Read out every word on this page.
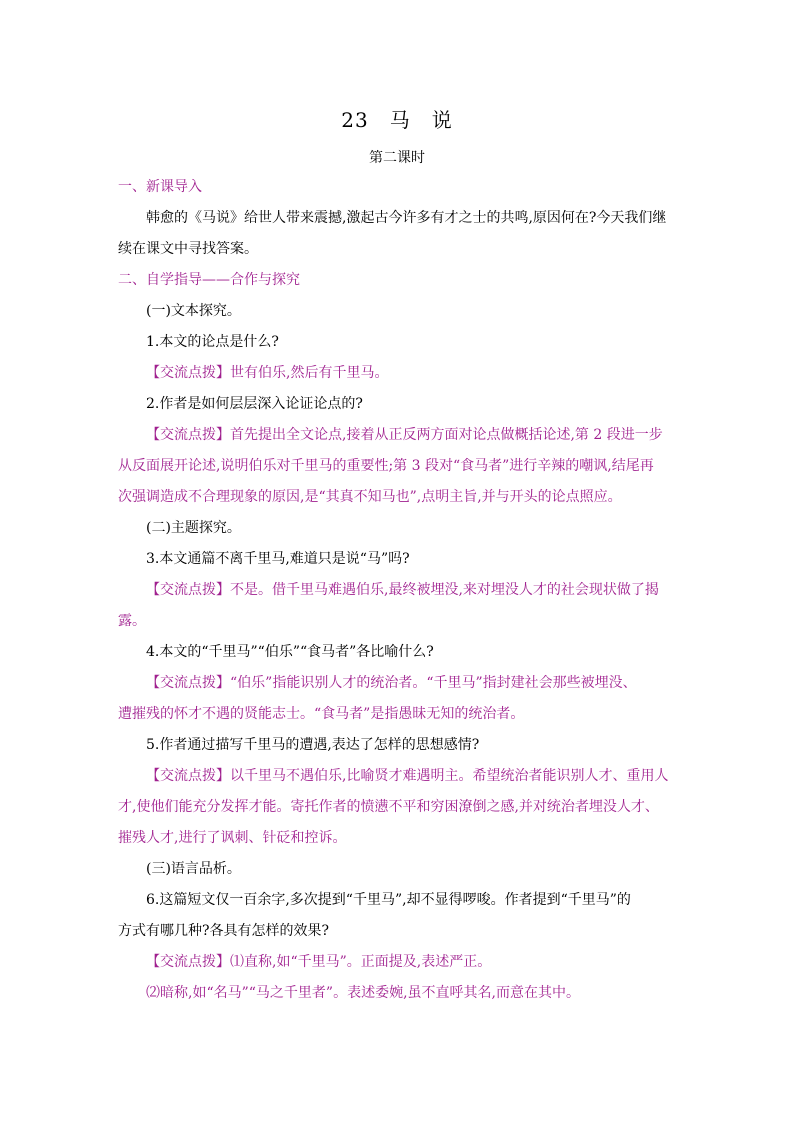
23　马　说
第二课时
一、新课导入
韩愈的《马说》给世人带来震撼,激起古今许多有才之士的共鸣,原因何在?今天我们继
续在课文中寻找答案。
二、自学指导——合作与探究
(一)文本探究。
1.本文的论点是什么?
【交流点拨】世有伯乐,然后有千里马。
2.作者是如何层层深入论证论点的?
【交流点拨】首先提出全文论点,接着从正反两方面对论点做概括论述,第 2 段进一步
从反面展开论述,说明伯乐对千里马的重要性;第 3 段对“食马者”进行辛辣的嘲讽,结尾再
次强调造成不合理现象的原因,是“其真不知马也”,点明主旨,并与开头的论点照应。
(二)主题探究。
3.本文通篇不离千里马,难道只是说“马”吗?
【交流点拨】不是。借千里马难遇伯乐,最终被埋没,来对埋没人才的社会现状做了揭
露。
4.本文的“千里马”“伯乐”“食马者”各比喻什么?
【交流点拨】“伯乐”指能识别人才的统治者。“千里马”指封建社会那些被埋没、
遭摧残的怀才不遇的贤能志士。“食马者”是指愚昧无知的统治者。
5.作者通过描写千里马的遭遇,表达了怎样的思想感情?
【交流点拨】以千里马不遇伯乐,比喻贤才难遇明主。希望统治者能识别人才、重用人
才,使他们能充分发挥才能。寄托作者的愤懑不平和穷困潦倒之感,并对统治者埋没人才、
摧残人才,进行了讽刺、针砭和控诉。
(三)语言品析。
6.这篇短文仅一百余字,多次提到“千里马”,却不显得啰唆。作者提到“千里马”的
方式有哪几种?各具有怎样的效果?
【交流点拨】⑴直称,如“千里马”。正面提及,表述严正。
⑵暗称,如“名马”“马之千里者”。表述委婉,虽不直呼其名,而意在其中。
